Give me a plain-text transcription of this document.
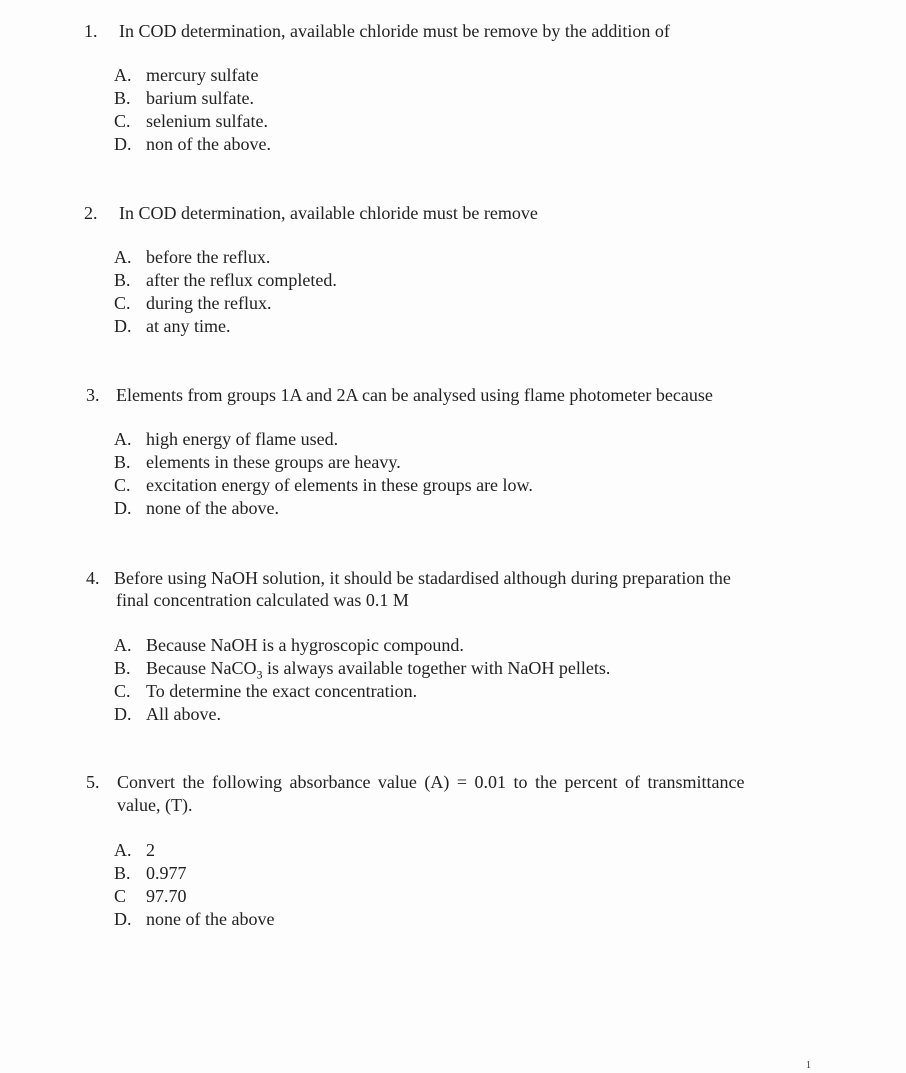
1. In COD determination, available chloride must be remove by the addition of
A. mercury sulfate
B. barium sulfate.
C. selenium sulfate.
D. non of the above.
2. In COD determination, available chloride must be remove
A. before the reflux.
B. after the reflux completed.
C. during the reflux.
D. at any time.
3. Elements from groups 1A and 2A can be analysed using flame photometer because
A. high energy of flame used.
B. elements in these groups are heavy.
C. excitation energy of elements in these groups are low.
D. none of the above.
4. Before using NaOH solution, it should be stadardised although during preparation the
final concentration calculated was 0.1 M
A. Because NaOH is a hygroscopic compound.
B. Because NaCO$_3$ is always available together with NaOH pellets.
C. To determine the exact concentration.
D. All above.
5. Convert the following absorbance value (A) = 0.01 to the percent of transmittance
value, (T).
A. 2
B. 0.977
C 97.70
D. none of the above
1
